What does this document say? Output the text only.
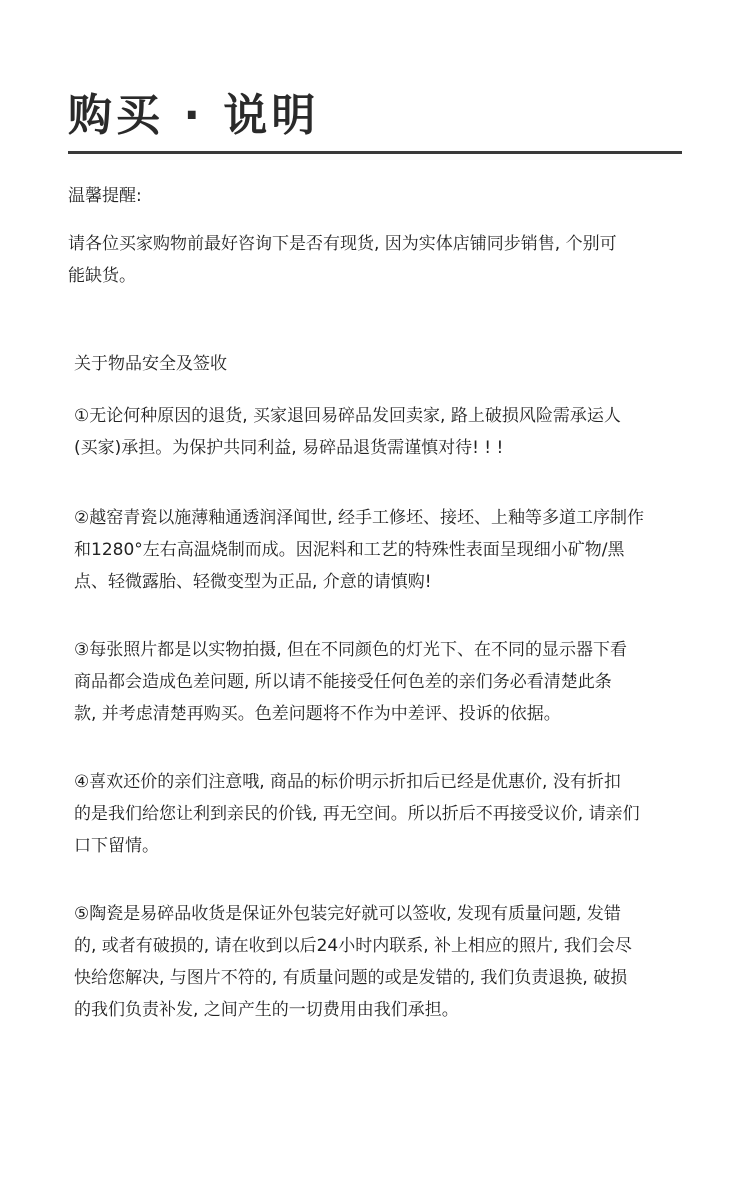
购买 · 说明

温馨提醒:

请各位买家购物前最好咨询下是否有现货, 因为实体店铺同步销售, 个别可
能缺货。

关于物品安全及签收

①无论何种原因的退货, 买家退回易碎品发回卖家, 路上破损风险需承运人
(买家)承担。为保护共同利益, 易碎品退货需谨慎对待! ! !

②越窑青瓷以施薄釉通透润泽闻世, 经手工修坯、接坯、上釉等多道工序制作
和1280°左右高温烧制而成。因泥料和工艺的特殊性表面呈现细小矿物/黑
点、轻微露胎、轻微变型为正品, 介意的请慎购!

③每张照片都是以实物拍摄, 但在不同颜色的灯光下、在不同的显示器下看
商品都会造成色差问题, 所以请不能接受任何色差的亲们务必看清楚此条
款, 并考虑清楚再购买。色差问题将不作为中差评、投诉的依据。

④喜欢还价的亲们注意哦, 商品的标价明示折扣后已经是优惠价, 没有折扣
的是我们给您让利到亲民的价钱, 再无空间。所以折后不再接受议价, 请亲们
口下留情。

⑤陶瓷是易碎品收货是保证外包装完好就可以签收, 发现有质量问题, 发错
的, 或者有破损的, 请在收到以后24小时内联系, 补上相应的照片, 我们会尽
快给您解决, 与图片不符的, 有质量问题的或是发错的, 我们负责退换, 破损
的我们负责补发, 之间产生的一切费用由我们承担。
